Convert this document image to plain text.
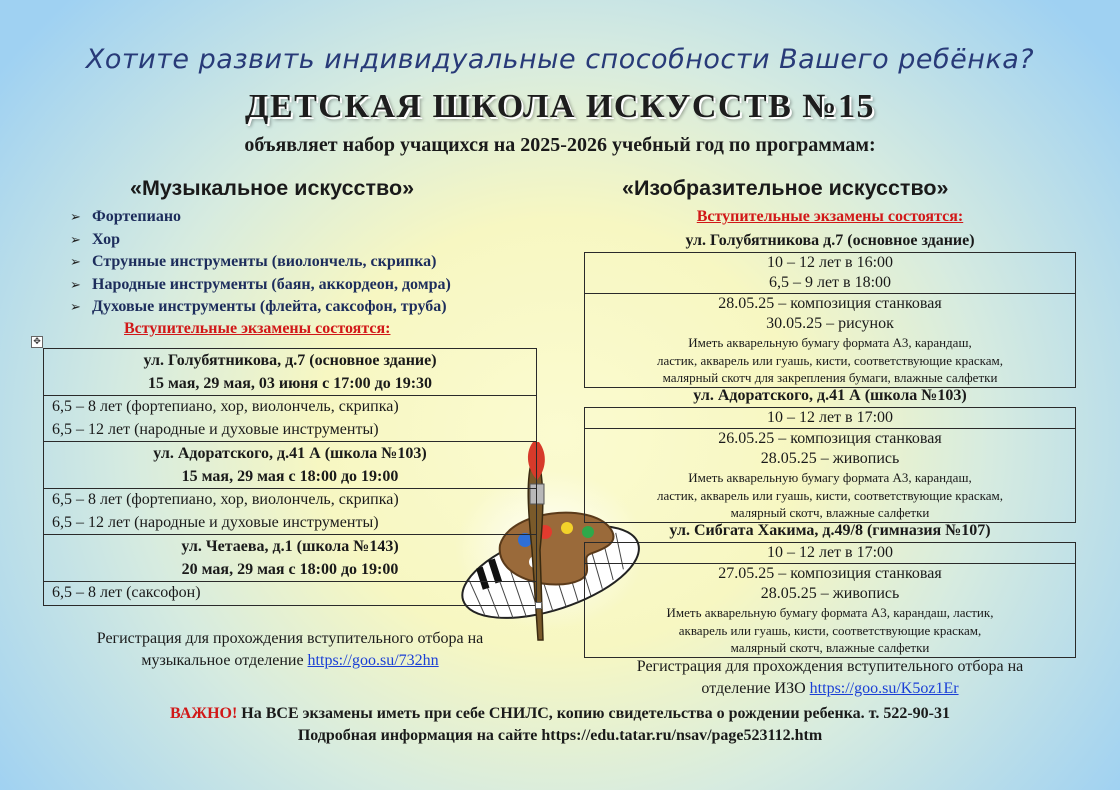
Хотите развить индивидуальные способности Вашего ребёнка?
ДЕТСКАЯ ШКОЛА ИСКУССТВ №15
объявляет набор учащихся на 2025-2026 учебный год по программам:
«Музыкальное искусство»
➢ Фортепиано
➢ Хор
➢ Струнные инструменты (виолончель, скрипка)
➢ Народные инструменты (баян, аккордеон, домра)
➢ Духовые инструменты (флейта, саксофон, труба)
Вступительные экзамены состоятся:
✥
ул. Голубятникова, д.7 (основное здание)
15 мая, 29 мая, 03 июня с 17:00 до 19:30

6,5 – 8 лет (фортепиано, хор, виолончель, скрипка)
6,5 – 12 лет (народные и духовые инструменты)

ул. Адоратского, д.41 А (школа №103)
15 мая, 29 мая с 18:00 до 19:00

6,5 – 8 лет (фортепиано, хор, виолончель, скрипка)
6,5 – 12 лет (народные и духовые инструменты)

ул. Четаева, д.1 (школа №143)
20 мая, 29 мая с 18:00 до 19:00

6,5 – 8 лет (саксофон)
Регистрация для прохождения вступительного отбора на
музыкальное отделение https://goo.su/732hn
«Изобразительное искусство»
Вступительные экзамены состоятся:
ул. Голубятникова д.7 (основное здание)
10 – 12 лет в 16:00
6,5 – 9 лет в 18:00

28.05.25 – композиция станковая
30.05.25 – рисунок
Иметь акварельную бумагу формата А3, карандаш,
ластик, акварель или гуашь, кисти, соответствующие краскам,
малярный скотч для закрепления бумаги, влажные салфетки
ул. Адоратского, д.41 А (школа №103)
10 – 12 лет в 17:00

26.05.25 – композиция станковая
28.05.25 – живопись
Иметь акварельную бумагу формата А3, карандаш,
ластик, акварель или гуашь, кисти, соответствующие краскам,
малярный скотч, влажные салфетки
ул. Сибгата Хакима, д.49/8 (гимназия №107)
10 – 12 лет в 17:00

27.05.25 – композиция станковая
28.05.25 – живопись
Иметь акварельную бумагу формата А3, карандаш, ластик,
акварель или гуашь, кисти, соответствующие краскам,
малярный скотч, влажные салфетки
Регистрация для прохождения вступительного отбора на
отделение ИЗО https://goo.su/K5oz1Er
ВАЖНО! На ВСЕ экзамены иметь при себе СНИЛС, копию свидетельства о рождении ребенка. т. 522-90-31
Подробная информация на сайте https://edu.tatar.ru/nsav/page523112.htm
